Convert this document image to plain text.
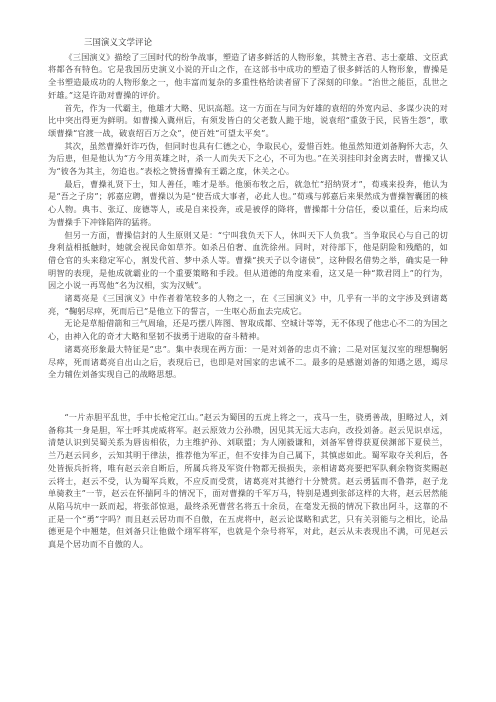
三国演义文学评论

《三国演义》描绘了三国时代的纷争战事，塑造了诸多鲜活的人物形象，其赞主吝君、志士豪雄、文臣武将都各有特色。它是我国历史演义小说的开山之作，在这部书中成功的塑造了很多鲜活的人物形象，曹操是全书塑造最成功的人物形象之一，他丰富而复杂的多重性格给读者留下了深刻的印象。“治世之能臣，乱世之奸雄。”这是许劭对曹操的评价。

首先，作为一代霸主，他雄才大略、见识高超。这一方面在与同为好雄的袁绍的外宽内忌、多谋少决的对比中突出得更为鲜明。如曹操入冀州后，有须发皆白的父老数人跪于地，说袁绍“重敛于民，民皆生怨”，歌颂曹操“官渡一战，破袁绍百万之众”，使百姓“可望太平矣”。

其次，虽然曹操奸诈巧伪，但同时也具有仁德之心，争取民心，爱惜百姓。他虽然知道刘备胸怀大志，久为后患，但是他认为“方今用英雄之时，杀一人而失天下之心，不可为也。”在关羽挂印封金离去时，曹操又认为“彼各为其主，勿追也。”表松之赞扬曹操有王霸之度，休关之心。

最后，曹操礼贤下士，知人善任，唯才是举。他颁布牧之后，就急忙“招纳贤才”，荀彧来投奔，他认为是“吾之子房”；郭嘉应聘，曹操以为是“使吾成大事者，必此人也。”荀彧与郭嘉后来果然成为曹操智囊团的核心人物。典韦、张辽、庞德等人，或是自来投奔，或是被俘的降将，曹操都十分信任，委以重任，后来均成为曹操手下冲锋陷阵的猛将。

但另一方面，曹操信封的人生原则又是：“宁叫我负天下人，休叫天下人负我”。当争取民心与自己的切身利益相抵触时，她就会视民命如草芥。如杀吕伯奢、血洗徐州。同时，对待部下，他是阴险和残酷的，如借仓官的头来稳定军心，割发代首、梦中杀人等。曹操“挟天子以令诸侯”，这种假名借势之举，确实是一种明智的表现，是他成就霸业的一个重要策略和手段。但从道德的角度来看，这又是一种“欺君罔上”的行为，因之小说一再骂他“名为汉相，实为汉贼”。

诸葛亮是《三国演义》中作者着笔较多的人物之一，在《三国演义》中，几乎有一半的文字涉及到诸葛亮，“鞠躬尽瘁，死而后已”是他立下的誓言，一生呕心沥血去完成它。

无论是草船借箭和三气周瑜，还是巧摆八阵图、智取成都、空城计等等，无不体现了他忠心不二的为国之心，由神入化的奇才大略和坚韧不拔勇于进取的奋斗精神。

诸葛亮形象最大特征是“忠”。集中表现在两方面：一是对刘备的忠贞不渝；二是对匡复汉室的理想鞠躬尽瘁，死而诸葛亮自出山之后，表现后已，也即是对国家的忠诚不二。最多的是感谢刘备的知遇之恩，竭尽全力辅佐刘备实现自己的战略思想。

“一片赤胆平乱世，手中长枪定江山。”赵云为蜀国的五虎上将之一，戎马一生，骁勇善战，胆略过人，刘备称其一身是胆，军士呼其虎威将军。赵云原效力公孙瓒，因见其无远大志向，改投刘备。赵云见识卓远，清楚认识到吴蜀关系为唇齿相依，力主维护孙、刘联盟；为人刚毅谦和，刘备军曾得获夏侯渊部下夏侯兰，兰乃赵云同乡，云知其明于律法，推荐他为军正，但不安排为自己属下，其慎虑如此。蜀军取夺关利后，各处皆振兵折将，唯有赵云亲自断后，所属兵将及军资什物都无损损失，亲相诸葛亮要把军队剩余物资奖赐赵云将士，赵云不受，认为蜀军兵败，不应反而受赏，诸葛亮对其德行十分赞赏。赵云勇猛而不鲁莽，赵子龙单骑救主”一节，赵云在怀揣阿斗的情况下，面对曹操的千军万马，特别是遇到张郃这样的大将，赵云居然能从陷马坑中一跃而起，将张郃惊退，最终杀死曹营名将五十余员，在毫发无损的情况下救出阿斗，这靠的不正是一个“勇”字吗？而且赵云居功而不自傲，在五虎将中，赵云论谋略和武艺，只有关羽能与之相比，论品德更是个中翘楚，但刘备只让他做个翊军将军，也就是个杂号将军，对此，赵云从未表现出不满，可见赵云真是个居功而不自傲的人。
